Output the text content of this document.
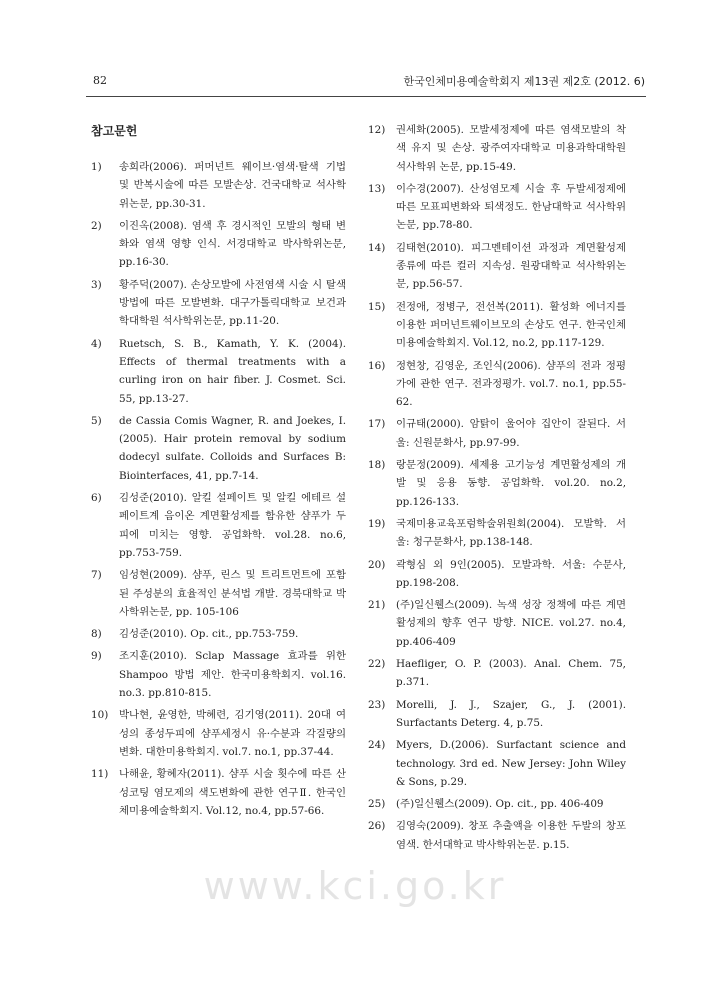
82	한국인체미용예술학회지 제13권 제2호 (2012. 6)
참고문헌
1)	송희라(2006). 퍼머넌트 웨이브·염색·탈색 기법 및 반복시술에 따른 모발손상. 건국대학교 석사학위논문, pp.30-31.
2)	이진옥(2008). 염색 후 경시적인 모발의 형태 변화와 염색 영향 인식. 서경대학교 박사학위논문, pp.16-30.
3)	황주덕(2007). 손상모발에 사전염색 시술 시 탈색방법에 따른 모발변화. 대구가톨릭대학교 보건과학대학원 석사학위논문, pp.11-20.
4)	Ruetsch, S. B., Kamath, Y. K. (2004). Effects of thermal treatments with a curling iron on hair fiber. J. Cosmet. Sci. 55, pp.13-27.
5)	de Cassia Comis Wagner, R. and Joekes, I. (2005). Hair protein removal by sodium dodecyl sulfate. Colloids and Surfaces B: Biointerfaces, 41, pp.7-14.
6)	김성준(2010). 알킬 설페이트 및 알킬 에테르 설페이트계 음이온 계면활성제를 함유한 샴푸가 두피에 미치는 영향. 공업화학. vol.28. no.6, pp.753-759.
7)	임성현(2009). 샴푸, 린스 및 트리트먼트에 포함된 주성분의 효율적인 분석법 개발. 경북대학교 박사학위논문, pp. 105-106
8)	김성준(2010). Op. cit., pp.753-759.
9)	조지훈(2010). Sclap Massage 효과를 위한 Shampoo 방법 제안. 한국미용학회지. vol.16. no.3. pp.810-815.
10)	박나현, 윤영한, 박혜련, 김기영(2011). 20대 여성의 종성두피에 샴푸세정시 유·수분과 각질량의 변화. 대한미용학회지. vol.7. no.1, pp.37-44.
11)	나해윤, 황혜자(2011). 샴푸 시술 횟수에 따른 산성코팅 염모제의 색도변화에 관한 연구Ⅱ. 한국인체미용예술학회지. Vol.12, no.4, pp.57-66.
12)	권세화(2005). 모발세정제에 따른 염색모발의 착색 유지 및 손상. 광주여자대학교 미용과학대학원 석사학위 논문, pp.15-49.
13)	이수경(2007). 산성염모제 시술 후 두발세정제에 따른 모표피변화와 퇴색정도. 한남대학교 석사학위논문, pp.78-80.
14)	김태현(2010). 피그멘테이션 과정과 계면활성제 종류에 따른 컬러 지속성. 원광대학교 석사학위논문, pp.56-57.
15)	전정애, 정병구, 전선복(2011). 활성화 에너지를 이용한 퍼머넌트웨이브모의 손상도 연구. 한국인체미용예술학회지. Vol.12, no.2, pp.117-129.
16)	정현창, 김영운, 조인식(2006). 샴푸의 전과 정평가에 관한 연구. 전과정평가. vol.7. no.1, pp.55-62.
17)	이규태(2000). 암탉이 울어야 집안이 잘된다. 서울: 신원문화사, pp.97-99.
18)	랑문정(2009). 세제용 고기능성 계면활성제의 개발 및 응용 동향. 공업화학. vol.20. no.2, pp.126-133.
19)	국제미용교육포럼학술위원회(2004). 모발학. 서울: 청구문화사, pp.138-148.
20)	곽형심 외 9인(2005). 모발과학. 서울: 수문사, pp.198-208.
21)	(주)일신웰스(2009). 녹색 성장 정책에 따른 계면활성제의 향후 연구 방향. NICE. vol.27. no.4, pp.406-409
22)	Haefliger, O. P. (2003). Anal. Chem. 75, p.371.
23)	Morelli, J. J., Szajer, G., J. (2001). Surfactants Deterg. 4, p.75.
24)	Myers, D.(2006). Surfactant science and technology. 3rd ed. New Jersey: John Wiley & Sons, p.29.
25)	(주)일신웰스(2009). Op. cit., pp. 406-409
26)	김영숙(2009). 창포 추출액을 이용한 두발의 창포염색. 한서대학교 박사학위논문. p.15.
www.kci.go.kr
